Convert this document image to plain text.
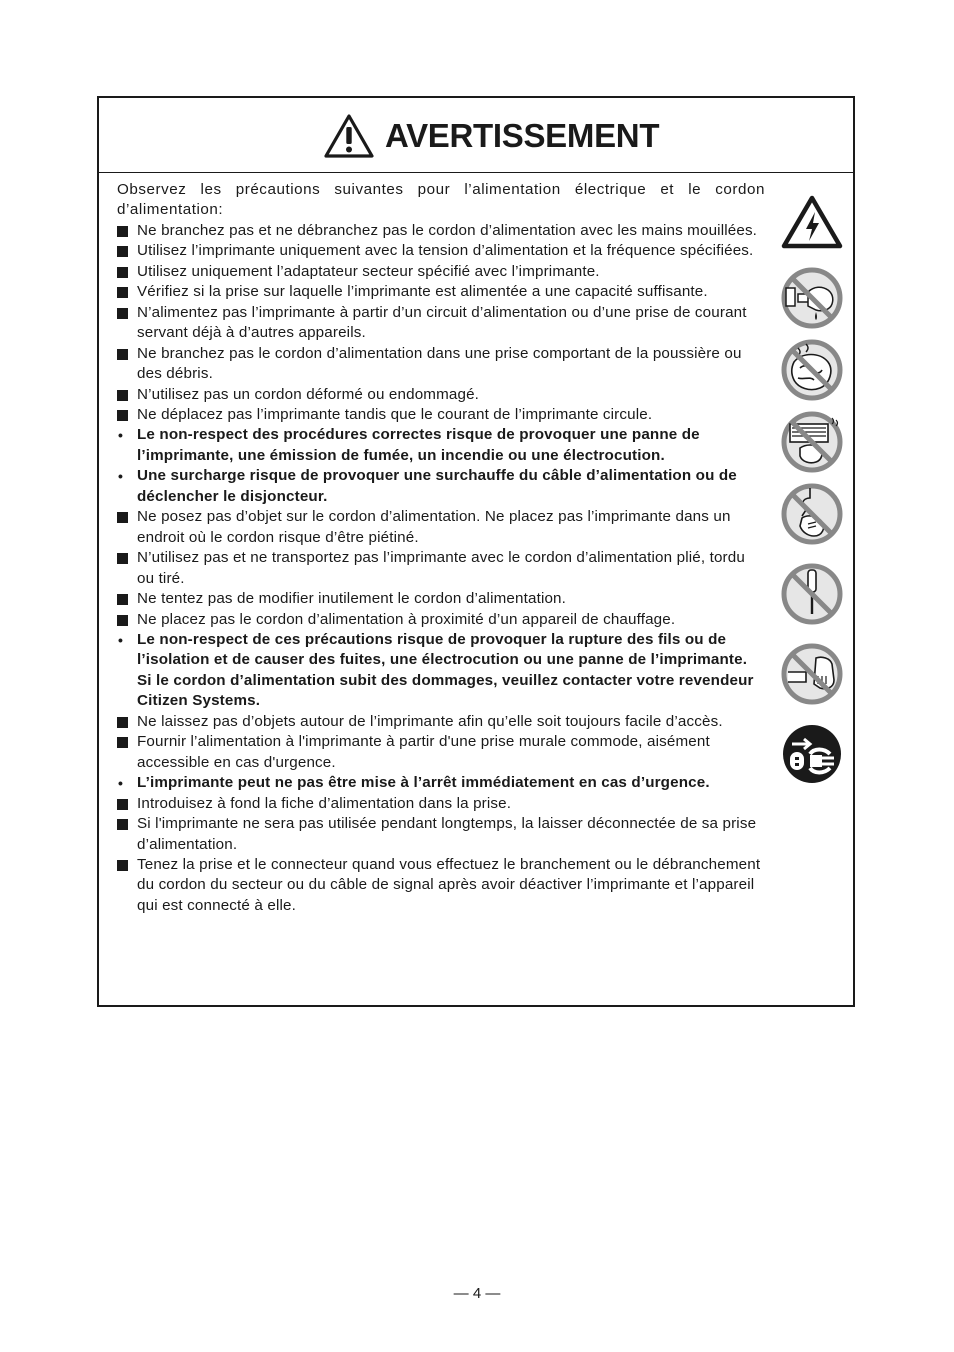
AVERTISSEMENT

Observez les précautions suivantes pour l’alimentation électrique et le cordon d’alimentation:

Ne branchez pas et ne débranchez pas le cordon d’alimentation avec les mains mouillées.
Utilisez l’imprimante uniquement avec la tension d’alimentation et la fréquence spécifiées.
Utilisez uniquement l’adaptateur secteur spécifié avec l’imprimante.
Vérifiez si la prise sur laquelle l’imprimante est alimentée a une capacité suffisante.
N’alimentez pas l’imprimante à partir d’un circuit d’alimentation ou d’une prise de courant servant déjà à d’autres appareils.
Ne branchez pas le cordon d’alimentation dans une prise comportant de la poussière ou des débris.
N’utilisez pas un cordon déformé ou endommagé.
Ne déplacez pas l’imprimante tandis que le courant de l’imprimante circule.
• Le non-respect des procédures correctes risque de provoquer une panne de l’imprimante, une émission de fumée, un incendie ou une électrocution.
• Une surcharge risque de provoquer une surchauffe du câble d’alimentation ou de déclencher le disjoncteur.
Ne posez pas d’objet sur le cordon d’alimentation. Ne placez pas l’imprimante dans un endroit où le cordon risque d’être piétiné.
N’utilisez pas et ne transportez pas l’imprimante avec le cordon d’alimentation plié, tordu ou tiré.
Ne tentez pas de modifier inutilement le cordon d’alimentation.
Ne placez pas le cordon d’alimentation à proximité d’un appareil de chauffage.
• Le non-respect de ces précautions risque de provoquer la rupture des fils ou de l’isolation et de causer des fuites, une électrocution ou une panne de l’imprimante. Si le cordon d’alimentation subit des dommages, veuillez contacter votre revendeur Citizen Systems.
Ne laissez pas d’objets autour de l’imprimante afin qu’elle soit toujours facile d’accès.
Fournir l’alimentation à l'imprimante à partir d'une prise murale commode, aisément accessible en cas d'urgence.
• L’imprimante peut ne pas être mise à l’arrêt immédiatement en cas d’urgence.
Introduisez à fond la fiche d’alimentation dans la prise.
Si l'imprimante ne sera pas utilisée pendant longtemps, la laisser déconnectée de sa prise d’alimentation.
Tenez la prise et le connecteur quand vous effectuez le branchement ou le débranchement du cordon du secteur ou du câble de signal après avoir déactiver l’imprimante et l’appareil qui est connecté à elle.
— 4 —
